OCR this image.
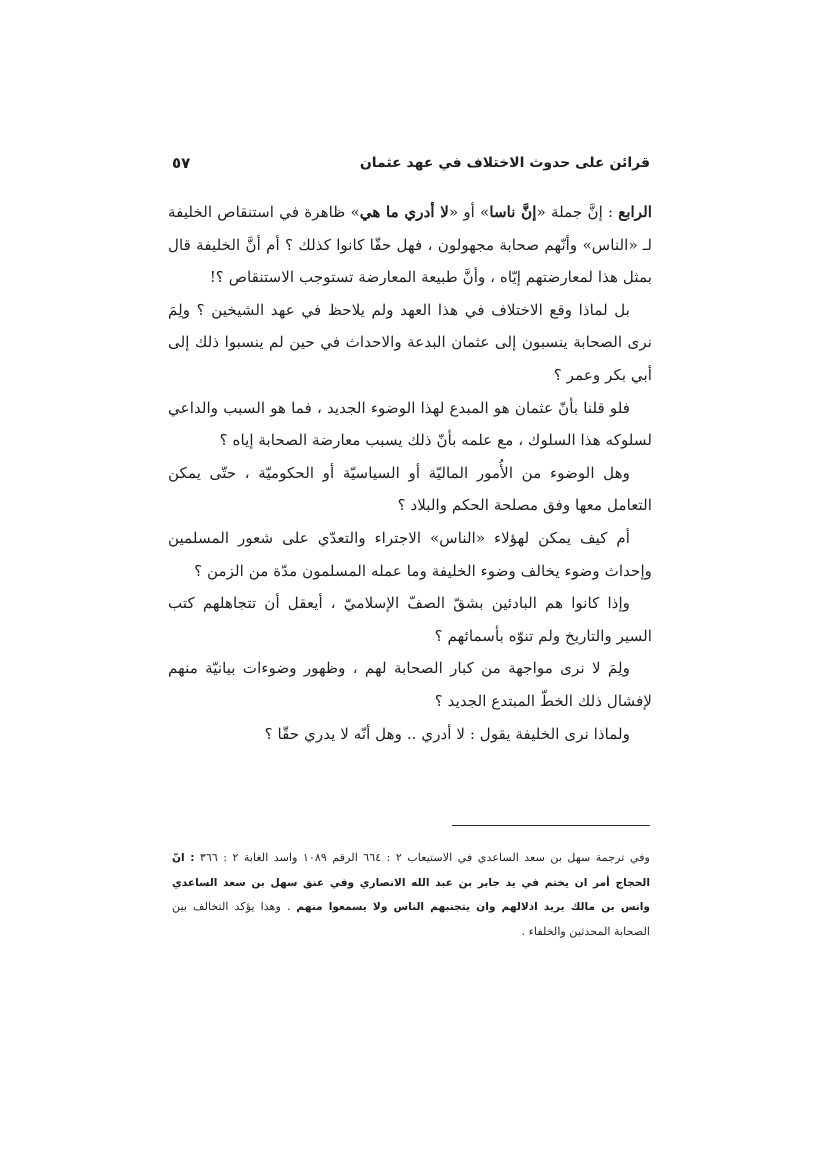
قرائن على حدوث الاختلاف في عهد عثمان
٥٧

الرابع : إنَّ جملة «إنَّ ناسا» أو «لا أدري ما هي» ظاهرة في استنقاص الخليفة لـ «الناس» وأنّهم صحابة مجهولون ، فهل حقّا كانوا كذلك ؟ أم أنَّ الخليفة قال بمثل هذا لمعارضتهم إيّاه ، وأنَّ طبيعة المعارضة تستوجب الاستنقاص ؟!

بل لماذا وقع الاختلاف في هذا العهد ولم يلاحظ في عهد الشيخين ؟ ولِمَ نرى الصحابة ينسبون إلى عثمان البدعة والاحداث في حين لم ينسبوا ذلك إلى أبي بكر وعمر ؟

فلو قلنا بأنّ عثمان هو المبدع لهذا الوضوء الجديد ، فما هو السبب والداعي لسلوكه هذا السلوك ، مع علمه بأنّ ذلك يسبب معارضة الصحابة إياه ؟

وهل الوضوء من الأُمور الماليّة أو السياسيّة أو الحكوميّة ، حتّى يمكن التعامل معها وفق مصلحة الحكم والبلاد ؟

أم كيف يمكن لهؤلاء «الناس» الاجتراء والتعدّي على شعور المسلمين وإحداث وضوء يخالف وضوء الخليفة وما عمله المسلمون مدّة من الزمن ؟

وإذا كانوا هم البادئين بشقّ الصفّ الإسلاميّ ، أيعقل أن تتجاهلهم كتب السير والتاريخ ولم تنوّه بأسمائهم ؟

ولِمَ لا نرى مواجهة من كبار الصحابة لهم ، وظهور وضوءات بيانيّة منهم لإفشال ذلك الخطّ المبتدع الجديد ؟

ولماذا نرى الخليفة يقول : لا أدري .. وهل أنّه لا يدري حقّا ؟

وفي ترجمة سهل بن سعد الساعدي في الاستيعاب ٢ : ٦٦٤ الرقم ١٠٨٩ واسد الغابة ٢ : ٣٦٦ : انّ الحجاج أمر ان يختم في يد جابر بن عبد الله الانصاري وفي عنق سهل بن سعد الساعدي وانس بن مالك يريد اذلالهم وان يتجنبهم الناس ولا يسمعوا منهم . وهذا يؤكد التخالف بين الصحابة المحدثين والخلفاء .
